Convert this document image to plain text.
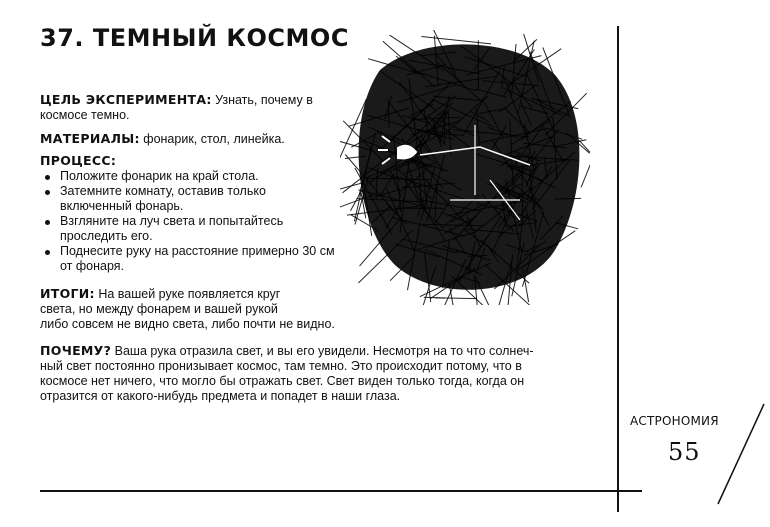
37. ТЕМНЫЙ КОСМОС
ЦЕЛЬ ЭКСПЕРИМЕНТА: Узнать, почему в космосе темно.
МАТЕРИАЛЫ: фонарик, стол, линейка.
ПРОЦЕСС:
Положите фонарик на край стола.
Затемните комнату, оставив только включенный фонарь.
Взгляните на луч света и попытайтесь проследить его.
Поднесите руку на расстояние примерно 30 см от фонаря.
ИТОГИ: На вашей руке появляется круг
света, но между фонарем и вашей рукой
либо совсем не видно света, либо почти не видно.
ПОЧЕМУ? Ваша рука отразила свет, и вы его увидели. Несмотря на то что солнеч-
ный свет постоянно пронизывает космос, там темно. Это происходит потому, что в
космосе нет ничего, что могло бы отражать свет. Свет виден только тогда, когда он
отразится от какого-нибудь предмета и попадет в наши глаза.
АСТРОНОМИЯ
55
